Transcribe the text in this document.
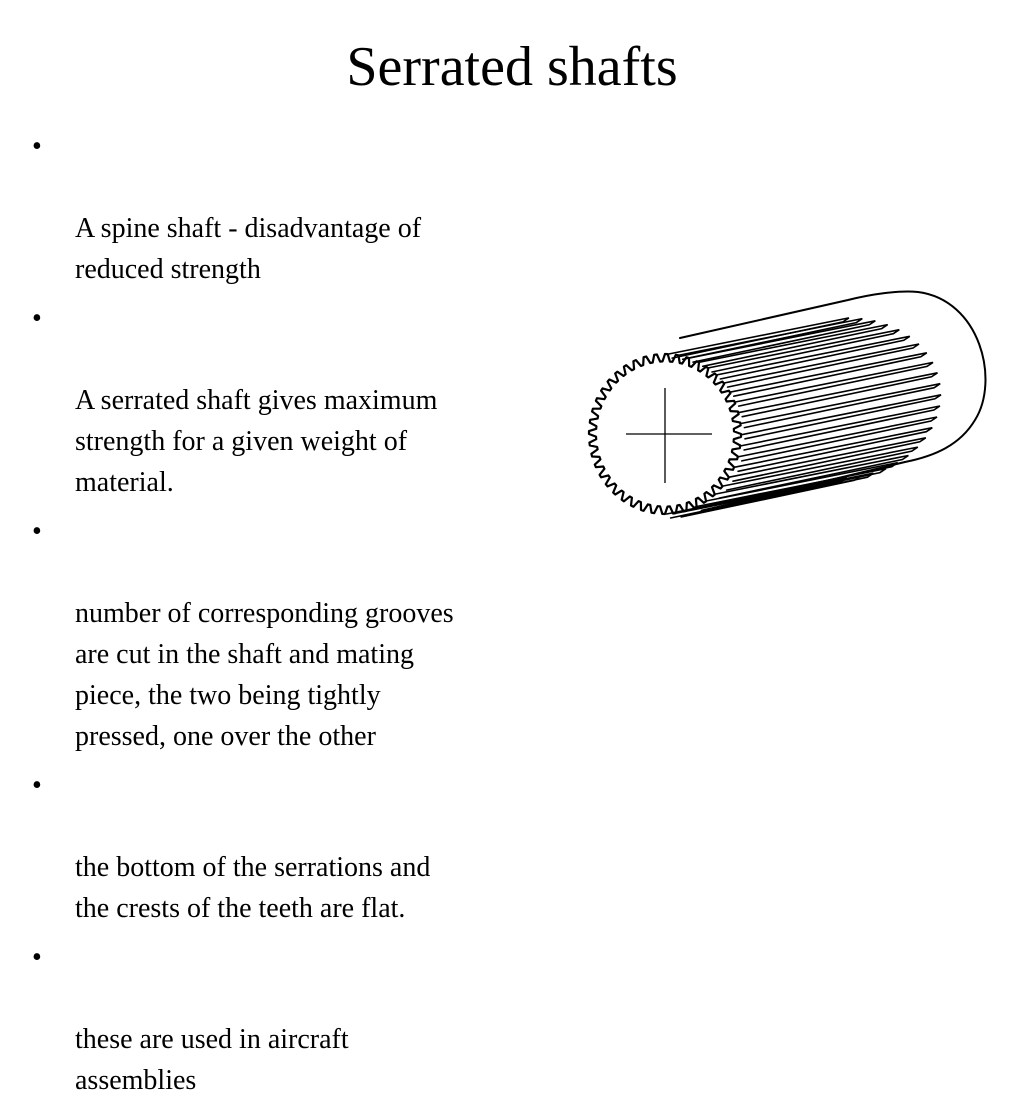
Serrated shafts

•

A spine shaft - disadvantage of
reduced strength

•

A serrated shaft gives maximum
strength for a given weight of
material.

•

number of corresponding grooves
are cut in the shaft and mating
piece, the two being tightly
pressed, one over the other

•

the bottom of the serrations and
the crests of the teeth are flat.

•

these are used in aircraft
assemblies
